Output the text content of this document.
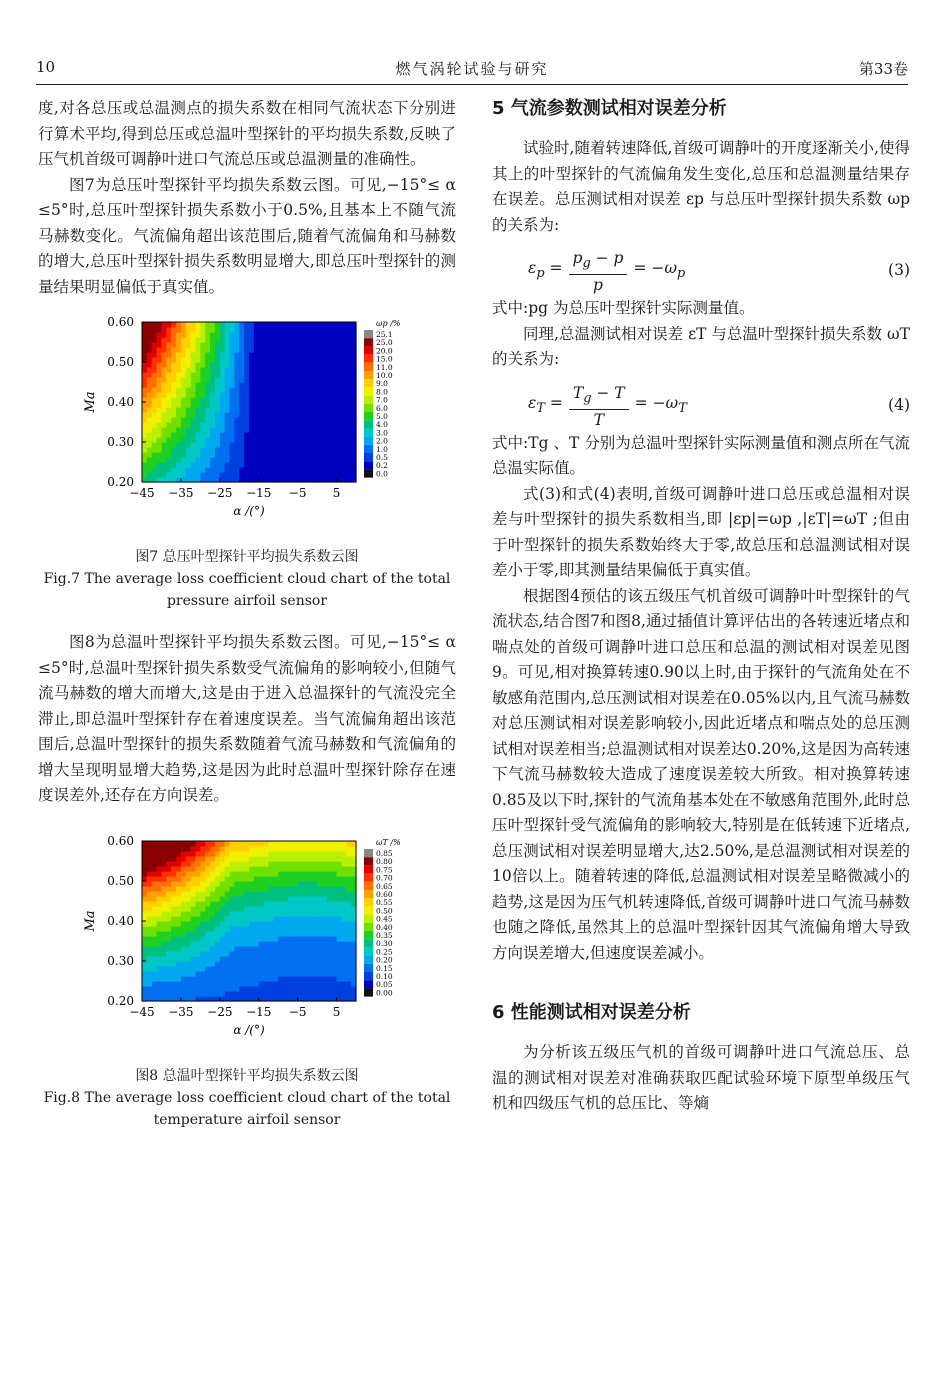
10	燃气涡轮试验与研究	第33卷

度,对各总压或总温测点的损失系数在相同气流状态下分别进行算术平均,得到总压或总温叶型探针的平均损失系数,反映了压气机首级可调静叶进口气流总压或总温测量的准确性。

图7为总压叶型探针平均损失系数云图。可见,−15°≤ α ≤5°时,总压叶型探针损失系数小于0.5%,且基本上不随气流马赫数变化。气流偏角超出该范围后,随着气流偏角和马赫数的增大,总压叶型探针损失系数明显增大,即总压叶型探针的测量结果明显偏低于真实值。

−45 −35 −25 −15 −5 5
0.60
0.50
0.40
0.30
0.20
α /(°)
Ma
ωp /%
25.1
25.0
20.0
15.0
11.0
10.0
9.0
8.0
7.0
6.0
5.0
4.0
3.0
2.0
1.0
0.5
0.2
0.0
图7 总压叶型探针平均损失系数云图
Fig.7 The average loss coefficient cloud chart of the total pressure airfoil sensor

图8为总温叶型探针平均损失系数云图。可见,−15°≤ α ≤5°时,总温叶型探针损失系数受气流偏角的影响较小,但随气流马赫数的增大而增大,这是由于进入总温探针的气流没完全滞止,即总温叶型探针存在着速度误差。当气流偏角超出该范围后,总温叶型探针的损失系数随着气流马赫数和气流偏角的增大呈现明显增大趋势,这是因为此时总温叶型探针除存在速度误差外,还存在方向误差。

−45 −35 −25 −15 −5 5
0.60
0.50
0.40
0.30
0.20
α /(°)
Ma
ωT /%
0.85
0.80
0.75
0.70
0.65
0.60
0.55
0.50
0.45
0.40
0.35
0.30
0.25
0.20
0.15
0.10
0.05
0.00
图8 总温叶型探针平均损失系数云图
Fig.8 The average loss coefficient cloud chart of the total temperature airfoil sensor
5 气流参数测试相对误差分析

试验时,随着转速降低,首级可调静叶的开度逐渐关小,使得其上的叶型探针的气流偏角发生变化,总压和总温测量结果存在误差。总压测试相对误差 εp 与总压叶型探针损失系数 ωp 的关系为:

$\varepsilon_p = \frac{p_g - p}{p} = -\omega_p$	(3)

式中:pg 为总压叶型探针实际测量值。

同理,总温测试相对误差 εT 与总温叶型探针损失系数 ωT 的关系为:

$\varepsilon_T = \frac{T_g - T}{T} = -\omega_T$	(4)

式中:Tg 、T 分别为总温叶型探针实际测量值和测点所在气流总温实际值。

式(3)和式(4)表明,首级可调静叶进口总压或总温相对误差与叶型探针的损失系数相当,即 |εp|=ωp ,|εT|=ωT ;但由于叶型探针的损失系数始终大于零,故总压和总温测试相对误差小于零,即其测量结果偏低于真实值。

根据图4预估的该五级压气机首级可调静叶叶型探针的气流状态,结合图7和图8,通过插值计算评估出的各转速近堵点和喘点处的首级可调静叶进口总压和总温的测试相对误差见图9。可见,相对换算转速0.90以上时,由于探针的气流角处在不敏感角范围内,总压测试相对误差在0.05%以内,且气流马赫数对总压测试相对误差影响较小,因此近堵点和喘点处的总压测试相对误差相当;总温测试相对误差达0.20%,这是因为高转速下气流马赫数较大造成了速度误差较大所致。相对换算转速0.85及以下时,探针的气流角基本处在不敏感角范围外,此时总压叶型探针受气流偏角的影响较大,特别是在低转速下近堵点,总压测试相对误差明显增大,达2.50%,是总温测试相对误差的10倍以上。随着转速的降低,总温测试相对误差呈略微减小的趋势,这是因为压气机转速降低,首级可调静叶进口气流马赫数也随之降低,虽然其上的总温叶型探针因其气流偏角增大导致方向误差增大,但速度误差减小。

6 性能测试相对误差分析

为分析该五级压气机的首级可调静叶进口气流总压、总温的测试相对误差对准确获取匹配试验环境下原型单级压气机和四级压气机的总压比、等熵
